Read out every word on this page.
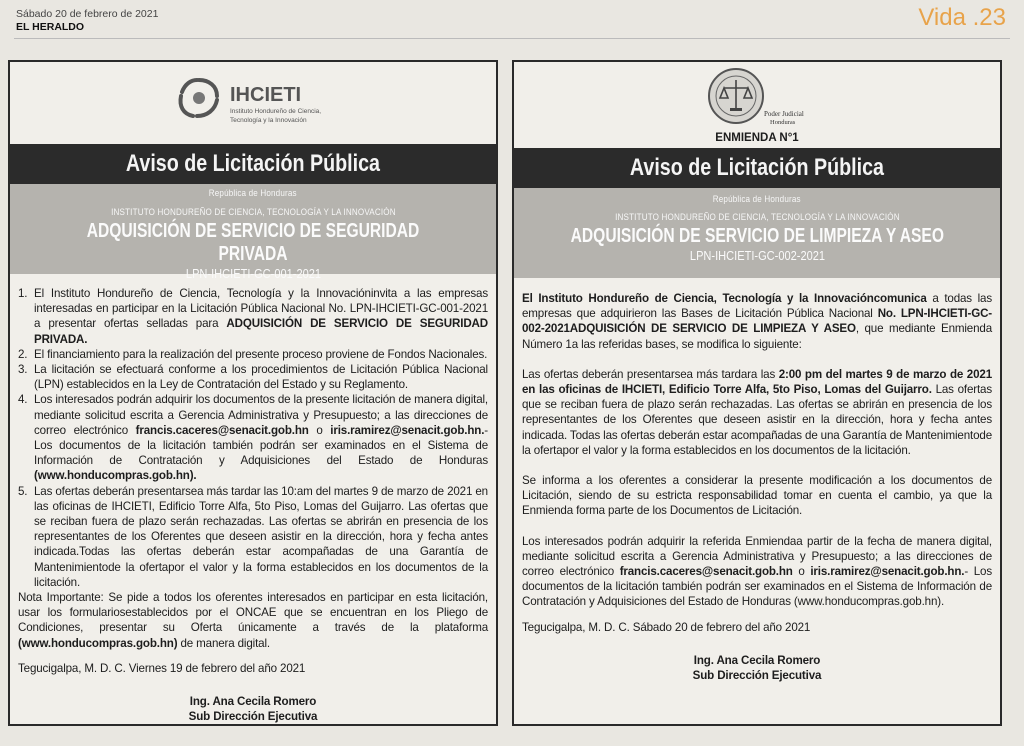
Sábado 20 de febrero de 2021
EL HERALDO	Vida .23
IHCIETI
Instituto Hondureño de Ciencia,
Tecnología y la Innovación
Aviso de Licitación Pública
República de Honduras
INSTITUTO HONDUREÑO DE CIENCIA, TECNOLOGÍA Y LA INNOVACIÓN
ADQUISICIÓN DE SERVICIO DE SEGURIDAD PRIVADA
LPN-IHCIETI-GC-001-2021
1. El Instituto Hondureño de Ciencia, Tecnología y la Innovacióninvita a las empresas interesadas en participar en la Licitación Pública Nacional No. LPN-IHCIETI-GC-001-2021 a presentar ofertas selladas para ADQUISICIÓN DE SERVICIO DE SEGURIDAD PRIVADA.
2. El financiamiento para la realización del presente proceso proviene de Fondos Nacionales.
3. La licitación se efectuará conforme a los procedimientos de Licitación Pública Nacional (LPN) establecidos en la Ley de Contratación del Estado y su Reglamento.
4. Los interesados podrán adquirir los documentos de la presente licitación de manera digital, mediante solicitud escrita a Gerencia Administrativa y Presupuesto; a las direcciones de correo electrónico francis.caceres@senacit.gob.hn o iris.ramirez@senacit.gob.hn.- Los documentos de la licitación también podrán ser examinados en el Sistema de Información de Contratación y Adquisiciones del Estado de Honduras (www.honducompras.gob.hn).
5. Las ofertas deberán presentarsea más tardar las 10:am del martes 9 de marzo de 2021 en las oficinas de IHCIETI, Edificio Torre Alfa, 5to Piso, Lomas del Guijarro. Las ofertas que se reciban fuera de plazo serán rechazadas. Las ofertas se abrirán en presencia de los representantes de los Oferentes que deseen asistir en la dirección, hora y fecha antes indicada.Todas las ofertas deberán estar acompañadas de una Garantía de Mantenimientode la ofertapor el valor y la forma establecidos en los documentos de la licitación.

Nota Importante: Se pide a todos los oferentes interesados en participar en esta licitación, usar los formulariosestablecidos por el ONCAE que se encuentran en los Pliego de Condiciones, presentar su Oferta únicamente a través de la plataforma (www.honducompras.gob.hn) de manera digital.

Tegucigalpa, M. D. C. Viernes 19 de febrero del año 2021

Ing. Ana Cecila Romero
Sub Dirección Ejecutiva
Poder Judicial
Honduras
ENMIENDA N°1
Aviso de Licitación Pública
República de Honduras
INSTITUTO HONDUREÑO DE CIENCIA, TECNOLOGÍA Y LA INNOVACIÓN
ADQUISICIÓN DE SERVICIO DE LIMPIEZA Y ASEO
LPN-IHCIETI-GC-002-2021

El Instituto Hondureño de Ciencia, Tecnología y la Innovacióncomunica a todas las empresas que adquirieron las Bases de Licitación Pública Nacional No. LPN-IHCIETI-GC-002-2021ADQUISICIÓN DE SERVICIO DE LIMPIEZA Y ASEO, que mediante Enmienda Número 1a las referidas bases, se modifica lo siguiente:

Las ofertas deberán presentarsea más tardara las 2:00 pm del martes 9 de marzo de 2021 en las oficinas de IHCIETI, Edificio Torre Alfa, 5to Piso, Lomas del Guijarro. Las ofertas que se reciban fuera de plazo serán rechazadas. Las ofertas se abrirán en presencia de los representantes de los Oferentes que deseen asistir en la dirección, hora y fecha antes indicada. Todas las ofertas deberán estar acompañadas de una Garantía de Mantenimientode la ofertapor el valor y la forma establecidos en los documentos de la licitación.

Se informa a los oferentes a considerar la presente modificación a los documentos de Licitación, siendo de su estricta responsabilidad tomar en cuenta el cambio, ya que la Enmienda forma parte de los Documentos de Licitación.

Los interesados podrán adquirir la referida Enmiendaa partir de la fecha de manera digital, mediante solicitud escrita a Gerencia Administrativa y Presupuesto; a las direcciones de correo electrónico francis.caceres@senacit.gob.hn o iris.ramirez@senacit.gob.hn.- Los documentos de la licitación también podrán ser examinados en el Sistema de Información de Contratación y Adquisiciones del Estado de Honduras (www.honducompras.gob.hn).

Tegucigalpa, M. D. C. Sábado 20 de febrero del año 2021

Ing. Ana Cecila Romero
Sub Dirección Ejecutiva
